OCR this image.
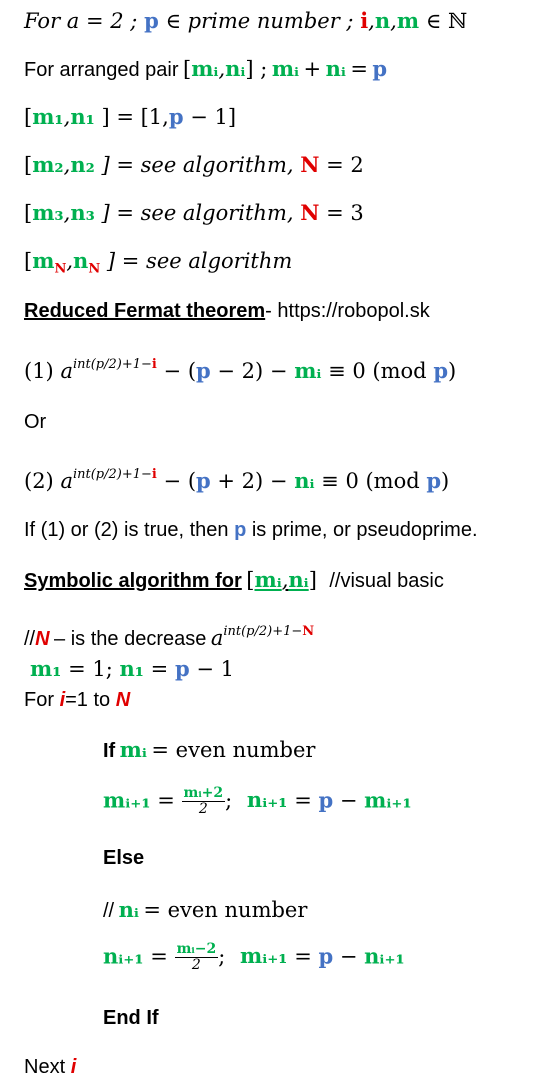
For a = 2 ; p ∈ prime number ; i,n,m ∈ ℕ
For arranged pair [mᵢ,nᵢ] ; mᵢ + nᵢ = p
[m₁,n₁ ] = [1,p − 1]
[m₂,n₂ ] = see algorithm, N = 2
[m₃,n₃ ] = see algorithm, N = 3
[$m_N,n_N$ ] = see algorithm
Reduced Fermat theorem- https://robopol.sk
(1) $a^{int(p/2)+1-i} - (p - 2)$ − mᵢ ≡ 0 (mod p)
Or
(2) $a^{int(p/2)+1-i} - (p + 2)$ − nᵢ ≡ 0 (mod p)
If (1) or (2) is true, then p is prime, or pseudoprime.
Symbolic algorithm for [mᵢ,nᵢ] //visual basic
//N – is the decrease $a^{int(p/2)+1-N}$
m₁ = 1; n₁ = p − 1
For i=1 to N
If mᵢ = even number
mᵢ₊₁ = $\frac{\text{mᵢ+2}}{2}$ ; nᵢ₊₁ = p − mᵢ₊₁
Else
// nᵢ = even number
nᵢ₊₁ = $\frac{\text{mᵢ−2}}{2}$ ; mᵢ₊₁ = p − nᵢ₊₁
End If
Next i
